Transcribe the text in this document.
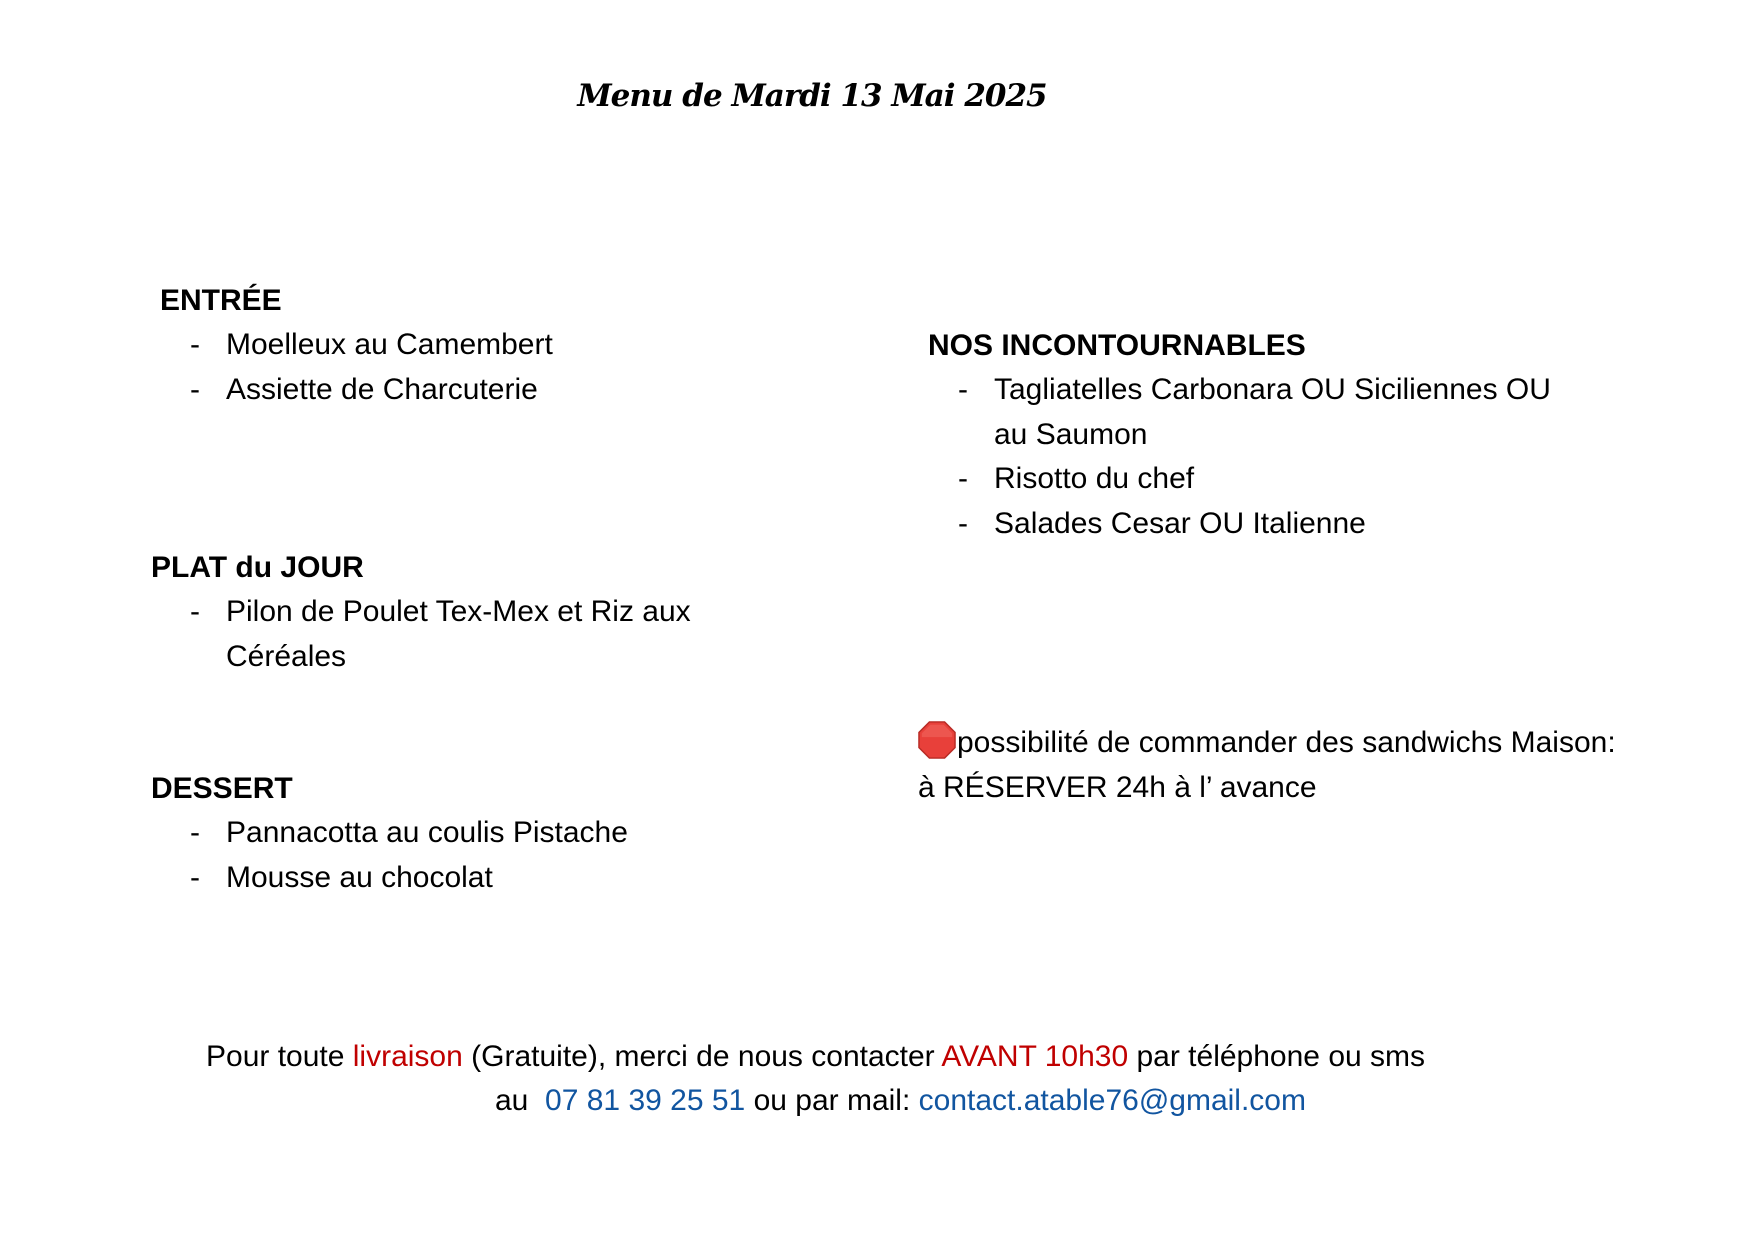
Menu de Mardi 13 Mai 2025
ENTRÉE
- Moelleux au Camembert
- Assiette de Charcuterie
PLAT du JOUR
- Pilon de Poulet Tex-Mex et Riz aux Céréales
DESSERT
- Pannacotta au coulis Pistache
- Mousse au chocolat
NOS INCONTOURNABLES
- Tagliatelles Carbonara OU Siciliennes OU au Saumon
- Risotto du chef
- Salades Cesar OU Italienne
possibilité de commander des sandwichs Maison: à RÉSERVER 24h à l’ avance
Pour toute livraison (Gratuite), merci de nous contacter AVANT 10h30 par téléphone ou sms
au  07 81 39 25 51 ou par mail: contact.atable76@gmail.com
